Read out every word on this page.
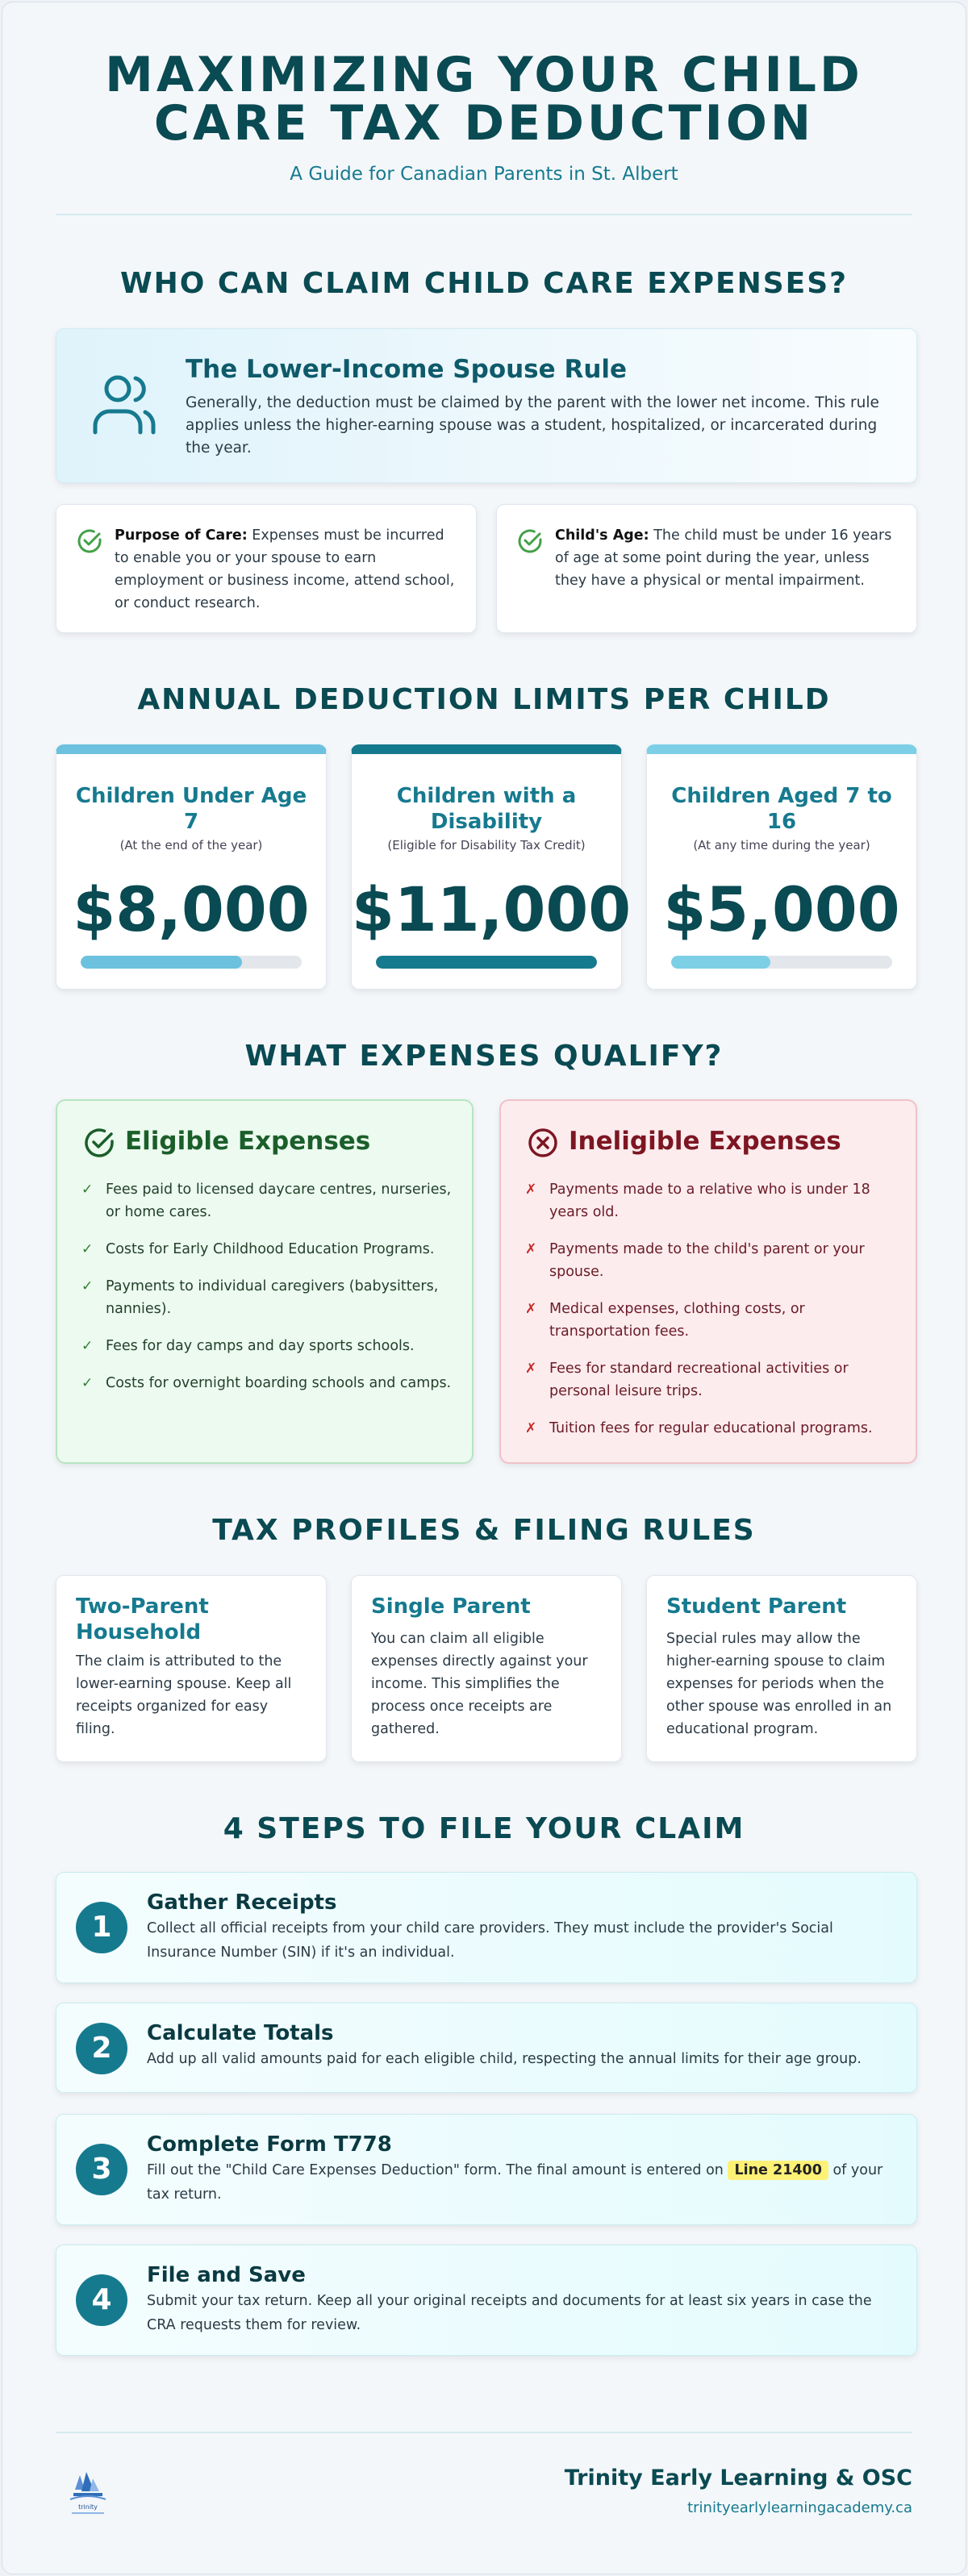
MAXIMIZING YOUR CHILD
CARE TAX DEDUCTION
A Guide for Canadian Parents in St. Albert
WHO CAN CLAIM CHILD CARE EXPENSES?
The Lower-Income Spouse Rule
Generally, the deduction must be claimed by the parent with the lower net income. This rule applies unless the higher-earning spouse was a student, hospitalized, or incarcerated during the year.
Purpose of Care: Expenses must be incurred to enable you or your spouse to earn employment or business income, attend school, or conduct research.
Child's Age: The child must be under 16 years of age at some point during the year, unless they have a physical or mental impairment.
ANNUAL DEDUCTION LIMITS PER CHILD
Children Under Age 7
(At the end of the year)
$8,000
Children with a Disability
(Eligible for Disability Tax Credit)
$11,000
Children Aged 7 to 16
(At any time during the year)
$5,000
WHAT EXPENSES QUALIFY?
Eligible Expenses
✓ Fees paid to licensed daycare centres, nurseries, or home cares.
✓ Costs for Early Childhood Education Programs.
✓ Payments to individual caregivers (babysitters, nannies).
✓ Fees for day camps and day sports schools.
✓ Costs for overnight boarding schools and camps.
Ineligible Expenses
✗ Payments made to a relative who is under 18 years old.
✗ Payments made to the child's parent or your spouse.
✗ Medical expenses, clothing costs, or transportation fees.
✗ Fees for standard recreational activities or personal leisure trips.
✗ Tuition fees for regular educational programs.
TAX PROFILES & FILING RULES
Two-Parent Household

The claim is attributed to the lower-earning spouse. Keep all receipts organized for easy filing.

Single Parent

You can claim all eligible expenses directly against your income. This simplifies the process once receipts are gathered.

Student Parent

Special rules may allow the higher-earning spouse to claim expenses for periods when the other spouse was enrolled in an educational program.

4 STEPS TO FILE YOUR CLAIM
1
Gather Receipts

Collect all official receipts from your child care providers. They must include the provider's Social Insurance Number (SIN) if it's an individual.

2	Calculate Totals

Add up all valid amounts paid for each eligible child, respecting the annual limits for their age group.

3
Complete Form T778

Fill out the "Child Care Expenses Deduction" form. The final amount is entered on Line 21400 of your tax return.

4
File and Save

Submit your tax return. Keep all your original receipts and documents for at least six years in case the CRA requests them for review.

trinity
Trinity Early Learning & OSC
trinityearlylearningacademy.ca
